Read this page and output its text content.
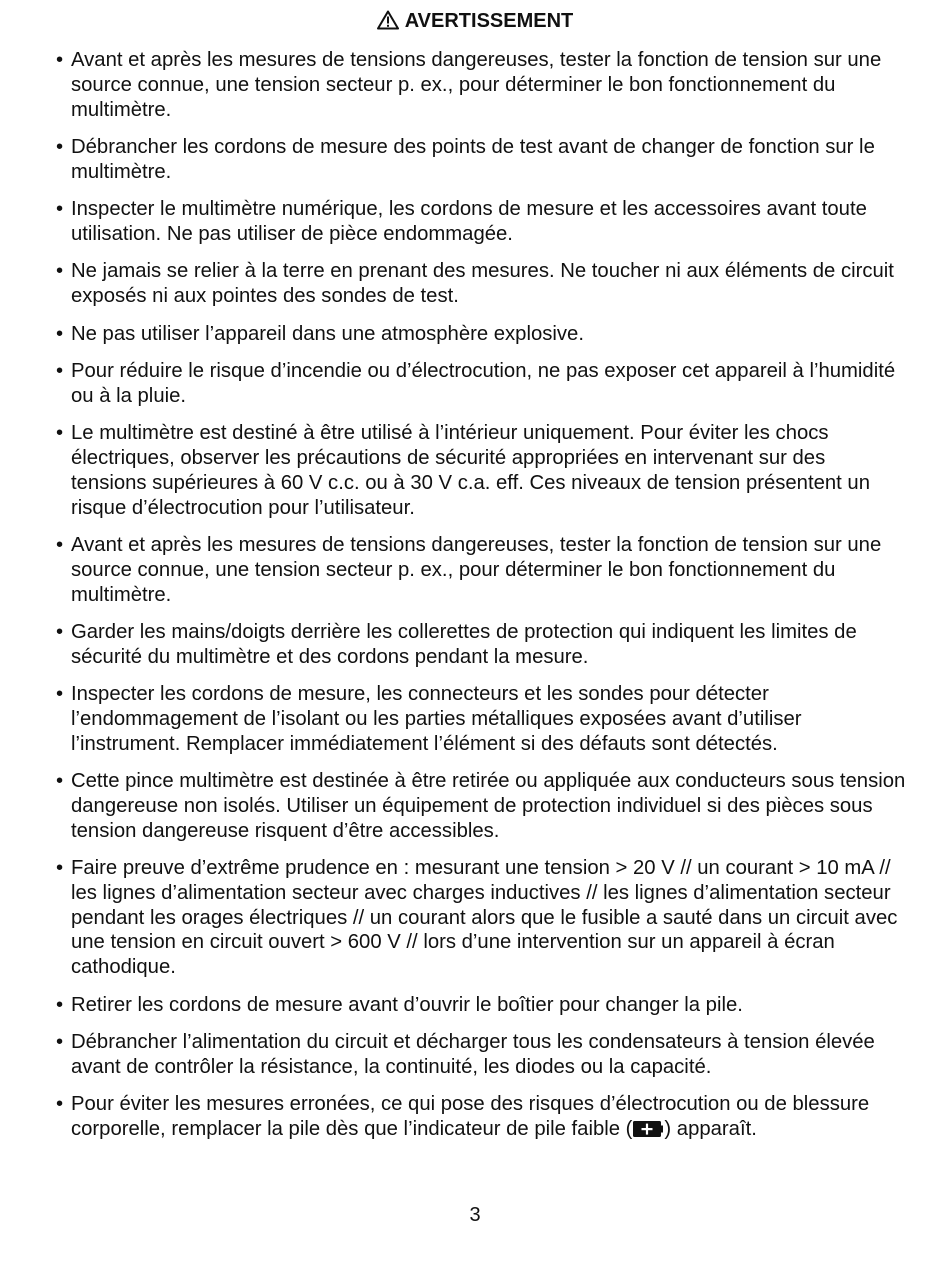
AVERTISSEMENT
• Avant et après les mesures de tensions dangereuses, tester la fonction de tension sur une source connue, une tension secteur p. ex., pour déterminer le bon fonctionnement du multimètre.
• Débrancher les cordons de mesure des points de test avant de changer de fonction sur le multimètre.
• Inspecter le multimètre numérique, les cordons de mesure et les accessoires avant toute utilisation. Ne pas utiliser de pièce endommagée.
• Ne jamais se relier à la terre en prenant des mesures. Ne toucher ni aux éléments de circuit exposés ni aux pointes des sondes de test.
• Ne pas utiliser l’appareil dans une atmosphère explosive.
• Pour réduire le risque d’incendie ou d’électrocution, ne pas exposer cet appareil à l’humidité ou à la pluie.
• Le multimètre est destiné à être utilisé à l’intérieur uniquement. Pour éviter les chocs électriques, observer les précautions de sécurité appropriées en intervenant sur des tensions supérieures à 60 V c.c. ou à 30 V c.a. eff. Ces niveaux de tension présentent un risque d’électrocution pour l’utilisateur.
• Avant et après les mesures de tensions dangereuses, tester la fonction de tension sur une source connue, une tension secteur p. ex., pour déterminer le bon fonctionnement du multimètre.
• Garder les mains/doigts derrière les collerettes de protection qui indiquent les limites de sécurité du multimètre et des cordons pendant la mesure.
• Inspecter les cordons de mesure, les connecteurs et les sondes pour détecter l’endommagement de l’isolant ou les parties métalliques exposées avant d’utiliser l’instrument. Remplacer immédiatement l’élément si des défauts sont détectés.
• Cette pince multimètre est destinée à être retirée ou appliquée aux conducteurs sous tension dangereuse non isolés. Utiliser un équipement de protection individuel si des pièces sous tension dangereuse risquent d’être accessibles.
• Faire preuve d’extrême prudence en : mesurant une tension > 20 V // un courant > 10 mA // les lignes d’alimentation secteur avec charges inductives // les lignes d’alimentation secteur pendant les orages électriques // un courant alors que le fusible a sauté dans un circuit avec une tension en circuit ouvert > 600 V // lors d’une intervention sur un appareil à écran cathodique.
• Retirer les cordons de mesure avant d’ouvrir le boîtier pour changer la pile.
• Débrancher l’alimentation du circuit et décharger tous les condensateurs à tension élevée avant de contrôler la résistance, la continuité, les diodes ou la capacité.
• Pour éviter les mesures erronées, ce qui pose des risques d’électrocution ou de blessure corporelle, remplacer la pile dès que l’indicateur de pile faible ( ) apparaît.
3
